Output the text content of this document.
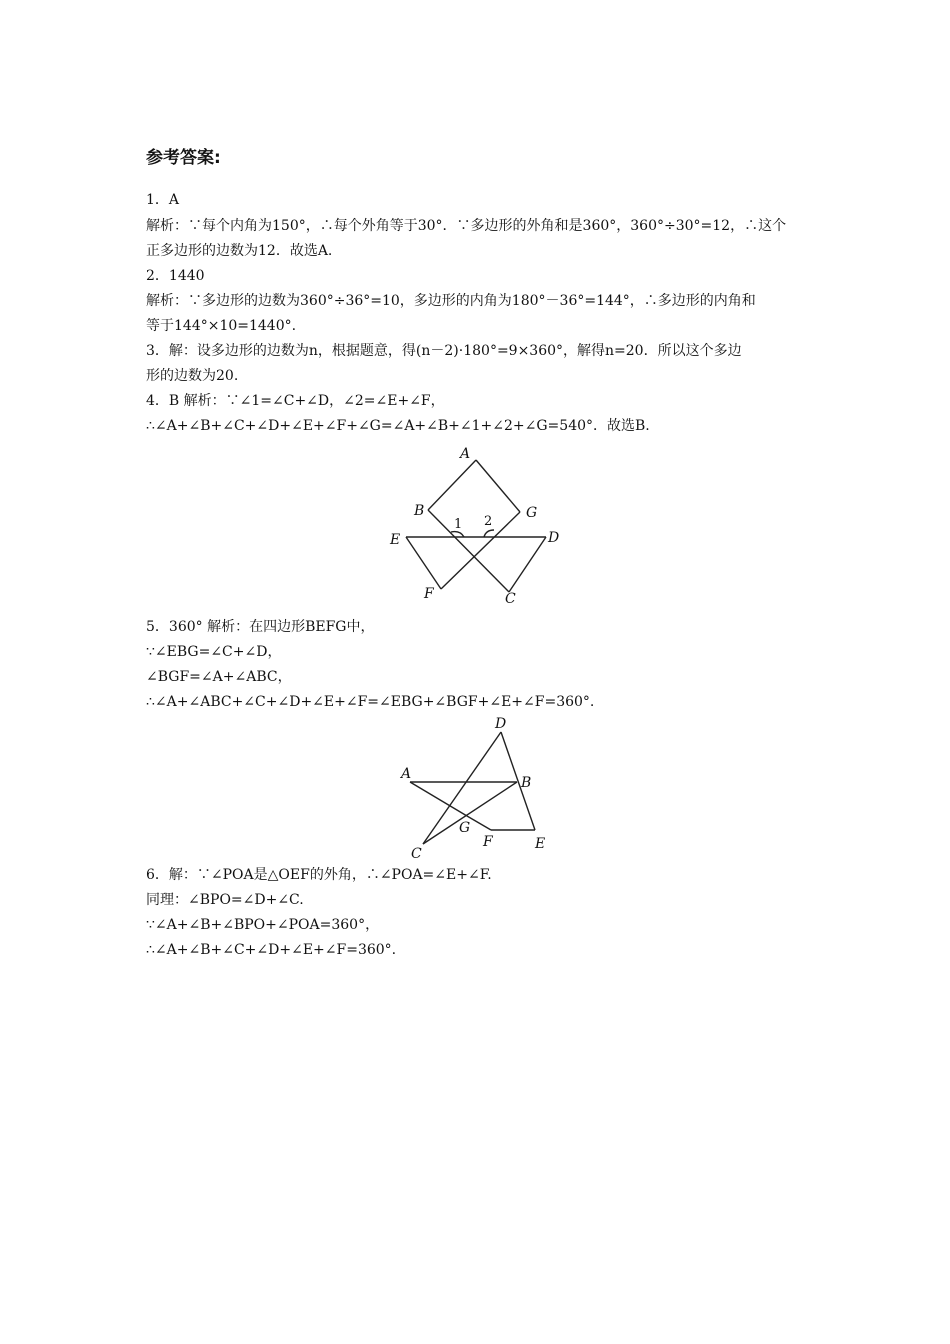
参考答案:
1．A
解析：∵每个内角为150°，∴每个外角等于30°．∵多边形的外角和是360°，360°÷30°=12，∴这个
正多边形的边数为12．故选A.
2．1440
解析：∵多边形的边数为360°÷36°=10，多边形的内角为180°－36°=144°，∴多边形的内角和
等于144°×10=1440°.
3．解：设多边形的边数为n，根据题意，得(n－2)·180°=9×360°，解得n=20．所以这个多边
形的边数为20.
4．B 解析：∵∠1=∠C+∠D，∠2=∠E+∠F，
∴∠A+∠B+∠C+∠D+∠E+∠F+∠G=∠A+∠B+∠1+∠2+∠G=540°．故选B.
A
B	G
E	D
F	C
1 2
5．360° 解析：在四边形BEFG中，
∵∠EBG=∠C+∠D，
∠BGF=∠A+∠ABC，
∴∠A+∠ABC+∠C+∠D+∠E+∠F=∠EBG+∠BGF+∠E+∠F=360°.
D
A
B
G
F
C
E
6．解：∵∠POA是△OEF的外角，∴∠POA=∠E+∠F.
同理：∠BPO=∠D+∠C.
∵∠A+∠B+∠BPO+∠POA=360°，
∴∠A+∠B+∠C+∠D+∠E+∠F=360°.
